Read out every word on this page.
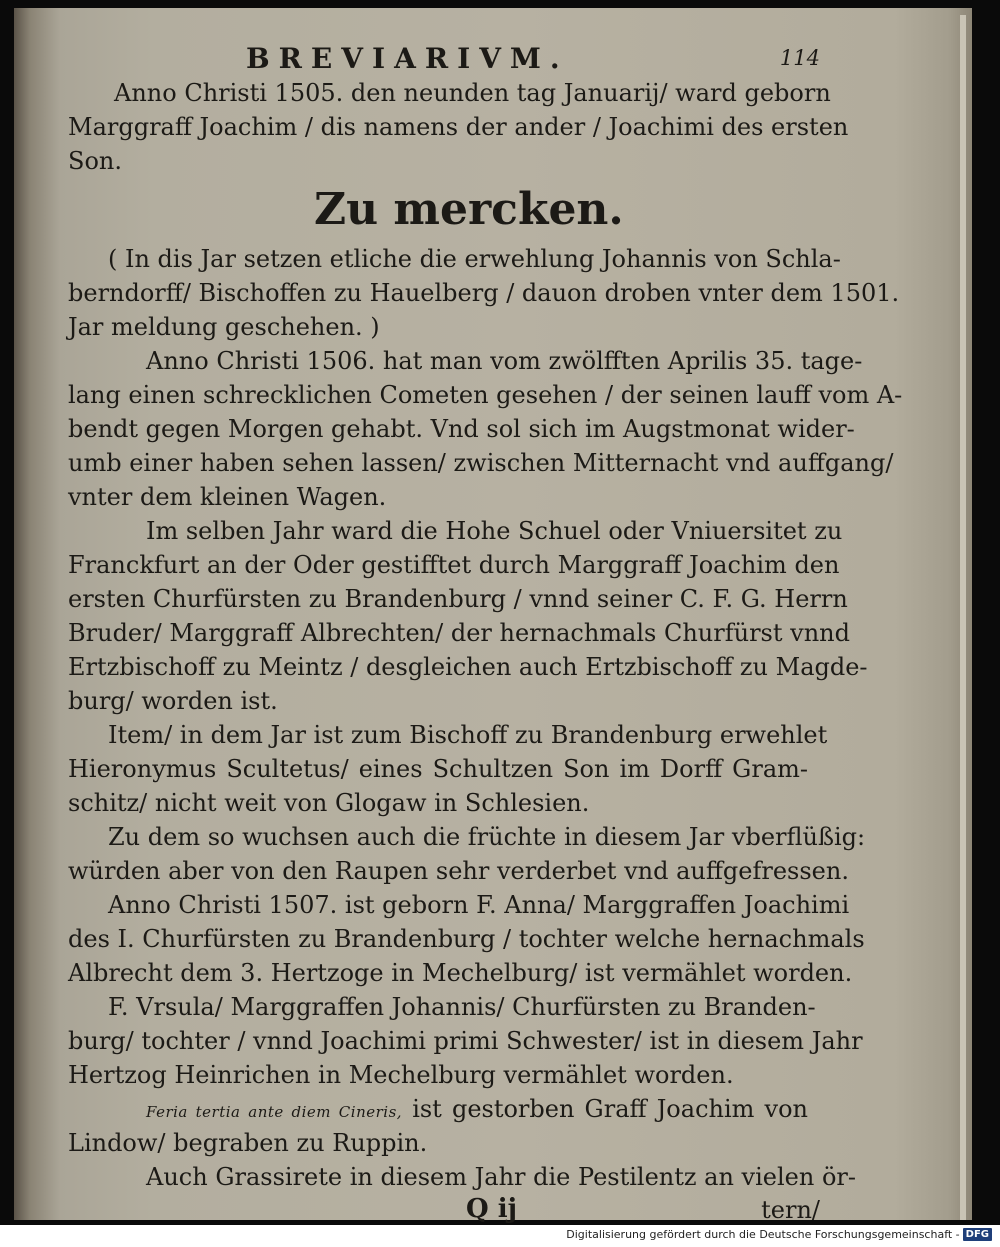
BREVIARIVM.	114
Anno Christi 1505. den neunden tag Januarij/ ward geborn
Marggraff Joachim / dis namens der ander / Joachimi des ersten
Son.
Zu mercken.
( In dis Jar setzen etliche die erwehlung Johannis von Schla-
berndorff/ Bischoffen zu Hauelberg / dauon droben vnter dem 1501.
Jar meldung geschehen. )
Anno Christi 1506. hat man vom zwölfften Aprilis 35. tage-
lang einen schrecklichen Cometen gesehen / der seinen lauff vom A-
bendt gegen Morgen gehabt. Vnd sol sich im Augstmonat wider-
umb einer haben sehen lassen/ zwischen Mitternacht vnd auffgang/
vnter dem kleinen Wagen.
Im selben Jahr ward die Hohe Schuel oder Vniuersitet zu
Franckfurt an der Oder gestifftet durch Marggraff Joachim den
ersten Churfürsten zu Brandenburg / vnnd seiner C. F. G. Herrn
Bruder/ Marggraff Albrechten/ der hernachmals Churfürst vnnd
Ertzbischoff zu Meintz / desgleichen auch Ertzbischoff zu Magde-
burg/ worden ist.
Item/ in dem Jar ist zum Bischoff zu Brandenburg erwehlet
Hieronymus Scultetus/ eines Schultzen Son im Dorff Gram-
schitz/ nicht weit von Glogaw in Schlesien.
Zu dem so wuchsen auch die früchte in diesem Jar vberflüßig:
würden aber von den Raupen sehr verderbet vnd auffgefressen.
Anno Christi 1507. ist geborn F. Anna/ Marggraffen Joachimi
des I. Churfürsten zu Brandenburg / tochter welche hernachmals
Albrecht dem 3. Hertzoge in Mechelburg/ ist vermählet worden.
F. Vrsula/ Marggraffen Johannis/ Churfürsten zu Branden-
burg/ tochter / vnnd Joachimi primi Schwester/ ist in diesem Jahr
Hertzog Heinrichen in Mechelburg vermählet worden.
Feria tertia ante diem Cineris, ist gestorben Graff Joachim von
Lindow/ begraben zu Ruppin.
Auch Grassirete in diesem Jahr die Pestilentz an vielen ör-
Q ij	tern/
Digitalisierung gefördert durch die Deutsche Forschungsgemeinschaft - DFG
